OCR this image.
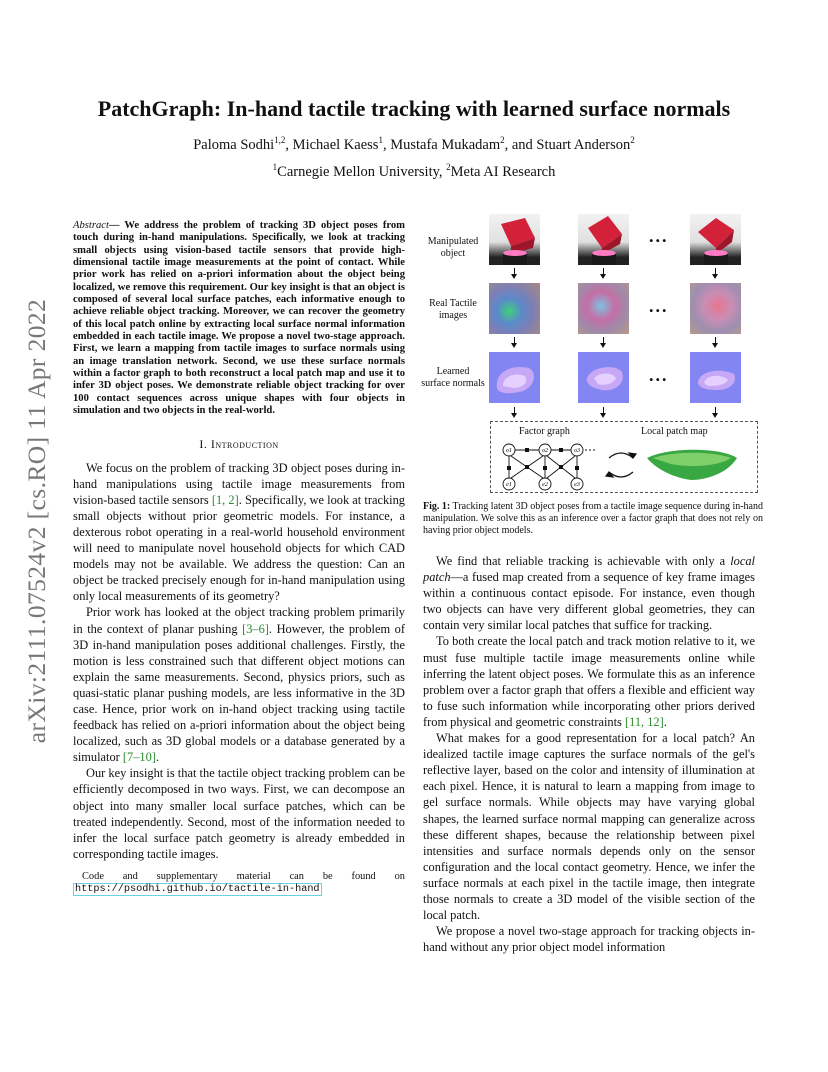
PatchGraph: In-hand tactile tracking with learned surface normals
Paloma Sodhi$^{1,2}$, Michael Kaess$^1$, Mustafa Mukadam$^2$, and Stuart Anderson$^2$
$^1$Carnegie Mellon University, $^2$Meta AI Research
arXiv:2111.07524v2 [cs.RO] 11 Apr 2022

Abstract— We address the problem of tracking 3D object poses from touch during in-hand manipulations. Specifically, we look at tracking small objects using vision-based tactile sensors that provide high-dimensional tactile image measurements at the point of contact. While prior work has relied on a-priori information about the object being localized, we remove this requirement. Our key insight is that an object is composed of several local surface patches, each informative enough to achieve reliable object tracking. Moreover, we can recover the geometry of this local patch online by extracting local surface normal information embedded in each tactile image. We propose a novel two-stage approach. First, we learn a mapping from tactile images to surface normals using an image translation network. Second, we use these surface normals within a factor graph to both reconstruct a local patch map and use it to infer 3D object poses. We demonstrate reliable object tracking for over 100 contact sequences across unique shapes with four objects in simulation and two objects in the real-world.

I. Introduction

We focus on the problem of tracking 3D object poses during in-hand manipulations using tactile image measurements from vision-based tactile sensors [1, 2]. Specifically, we look at tracking small objects without prior geometric models. For instance, a dexterous robot operating in a real-world household environment will need to manipulate novel household objects for which CAD models may not be available. We address the question: Can an object be tracked precisely enough for in-hand manipulation using only local measurements of its geometry?

Prior work has looked at the object tracking problem primarily in the context of planar pushing [3–6]. However, the problem of 3D in-hand manipulation poses additional challenges. Firstly, the motion is less constrained such that different object motions can explain the same measurements. Second, physics priors, such as quasi-static planar pushing models, are less informative in the 3D case. Hence, prior work on in-hand object tracking using tactile feedback has relied on a-priori information about the object being localized, such as 3D global models or a database generated by a simulator [7–10].

Our key insight is that the tactile object tracking problem can be efficiently decomposed in two ways. First, we can decompose an object into many smaller local surface patches, which can be treated independently. Second, most of the information needed to infer the local surface patch geometry is already embedded in corresponding tactile images.

Code and supplementary material can be found on https://psodhi.github.io/tactile-in-hand
Manipulated object
Real Tactile images
Learned surface normals
...
...
...
Factor graph	Local patch map
o1	o2	o3
e1	e2	e3
Fig. 1: Tracking latent 3D object poses from a tactile image sequence during in-hand manipulation. We solve this as an inference over a factor graph that does not rely on having prior object models.

We find that reliable tracking is achievable with only a local patch—a fused map created from a sequence of key frame images within a continuous contact episode. For instance, even though two objects can have very different global geometries, they can contain very similar local patches that suffice for tracking.

To both create the local patch and track motion relative to it, we must fuse multiple tactile image measurements online while inferring the latent object poses. We formulate this as an inference problem over a factor graph that offers a flexible and efficient way to fuse such information while incorporating other priors derived from physical and geometric constraints [11, 12].

What makes for a good representation for a local patch? An idealized tactile image captures the surface normals of the gel's reflective layer, based on the color and intensity of illumination at each pixel. Hence, it is natural to learn a mapping from image to gel surface normals. While objects may have varying global shapes, the learned surface normal mapping can generalize across these different shapes, because the relationship between pixel intensities and surface normals depends only on the sensor configuration and the local contact geometry. Hence, we infer the surface normals at each pixel in the tactile image, then integrate those normals to create a 3D model of the visible section of the local patch.

We propose a novel two-stage approach for tracking objects in-hand without any prior object model information
